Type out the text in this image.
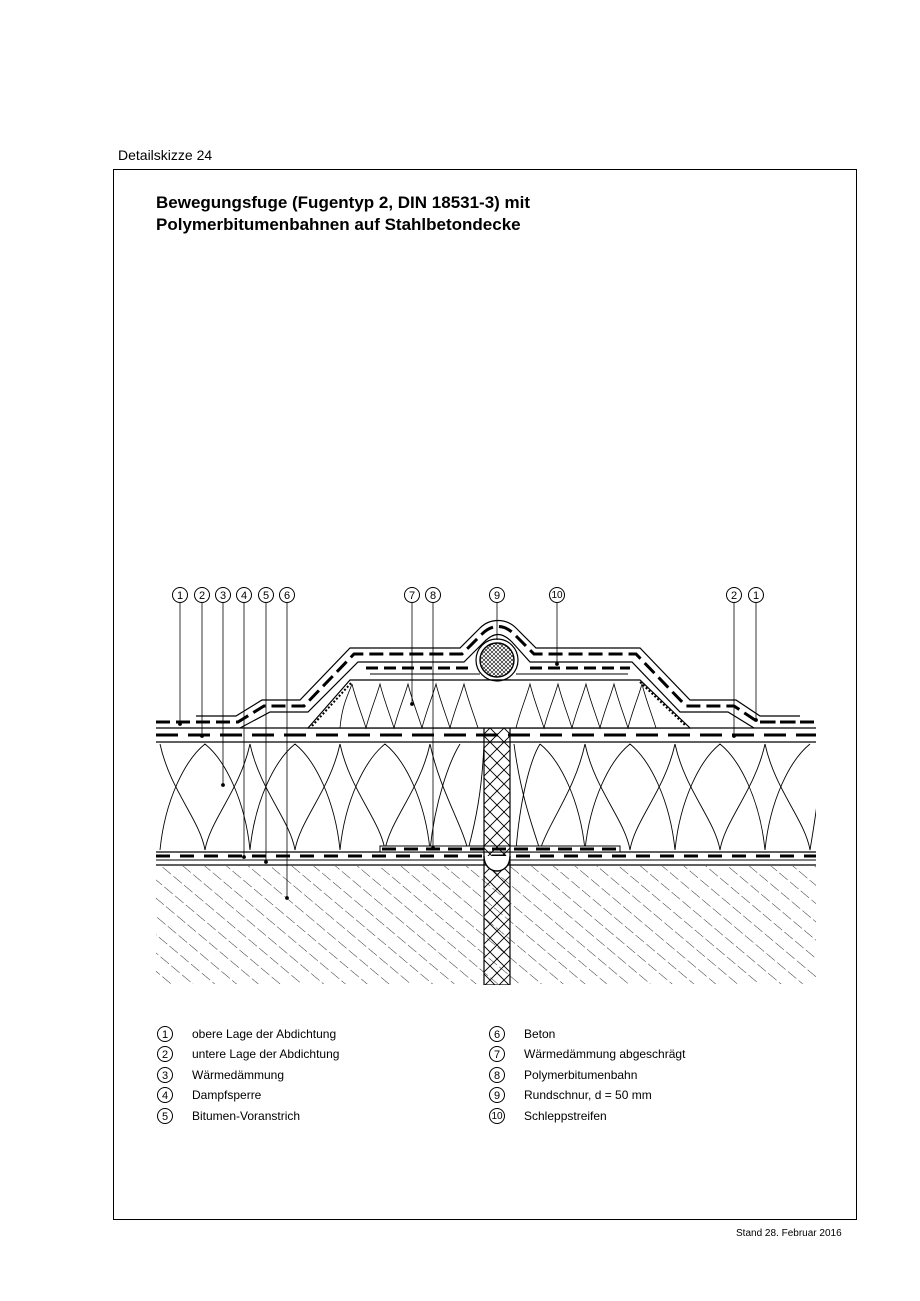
Detailskizze 24
Bewegungsfuge (Fugentyp 2, DIN 18531-3) mit
Polymerbitumenbahnen auf Stahlbetondecke
1	2	3	4	5	6	7	8	9	10	2	1
1	obere Lage der Abdichtung
2	untere Lage der Abdichtung
3	Wärmedämmung
4	Dampfsperre
5	Bitumen-Voranstrich
6	Beton
7	Wärmedämmung abgeschrägt
8	Polymerbitumenbahn
9	Rundschnur, d = 50 mm
10 Schleppstreifen
Stand 28. Februar 2016
